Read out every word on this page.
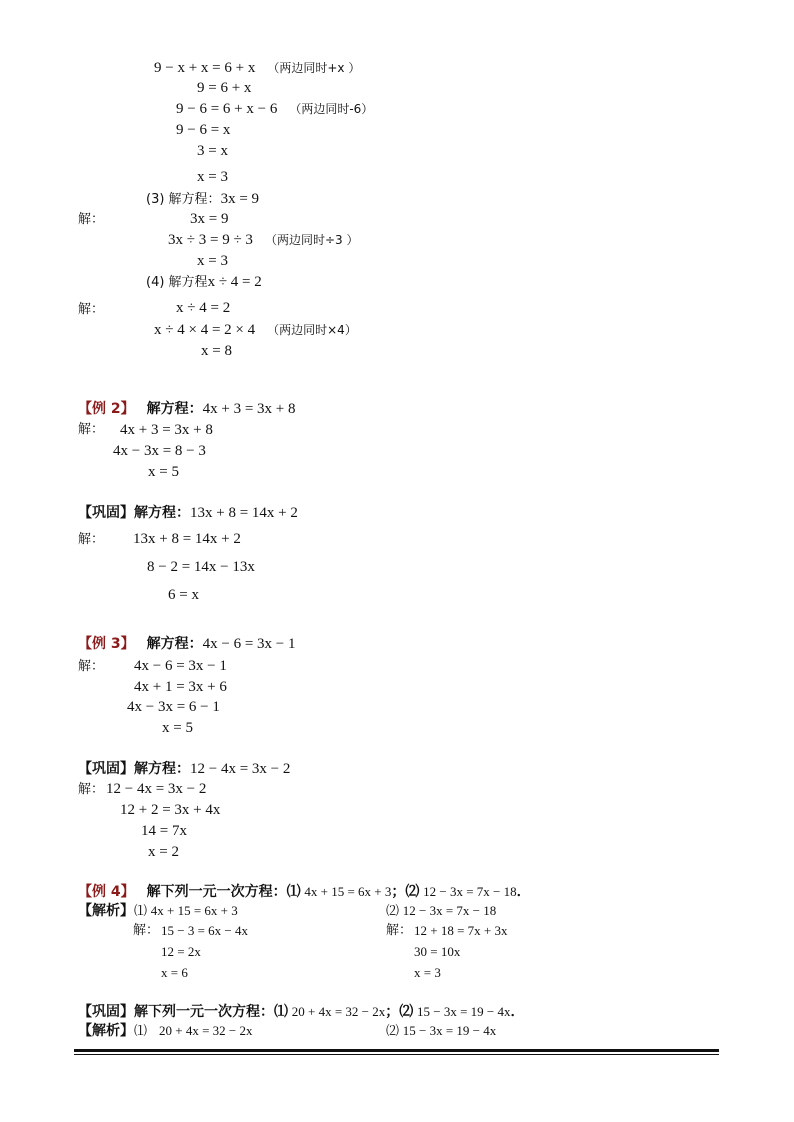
9 − x + x = 6 + x （两边同时+x ）
9 = 6 + x
9 − 6 = 6 + x − 6 （两边同时-6）
9 − 6 = x
3 = x
x = 3
(3) 解方程：3x = 9
解：	3x = 9
3x ÷ 3 = 9 ÷ 3 （两边同时÷3 ）
x = 3
(4) 解方程x ÷ 4 = 2
解：	x ÷ 4 = 2
x ÷ 4 × 4 = 2 × 4 （两边同时×4）
x = 8
【例 2】 解方程：4x + 3 = 3x + 8
解： 4x + 3 = 3x + 8
4x − 3x = 8 − 3
x = 5
【巩固】解方程：13x + 8 = 14x + 2
解： 13x + 8 = 14x + 2
8 − 2 = 14x − 13x
6 = x
【例 3】 解方程：4x − 6 = 3x − 1
解： 4x − 6 = 3x − 1
4x + 1 = 3x + 6
4x − 3x = 6 − 1
x = 5
【巩固】解方程：12 − 4x = 3x − 2
解： 12 − 4x = 3x − 2
12 + 2 = 3x + 4x
14 = 7x
x = 2
【例 4】 解下列一元一次方程：⑴ 4x + 15 = 6x + 3；⑵ 12 − 3x = 7x − 18．
【解析】⑴ 4x + 15 = 6x + 3
解： 15 − 3 = 6x − 4x
12 = 2x
x = 6
⑵ 12 − 3x = 7x − 18
解： 12 + 18 = 7x + 3x
30 = 10x
x = 3
【巩固】解下列一元一次方程：⑴ 20 + 4x = 32 − 2x；⑵ 15 − 3x = 19 − 4x．
【解析】⑴ 20 + 4x = 32 − 2x	⑵ 15 − 3x = 19 − 4x
